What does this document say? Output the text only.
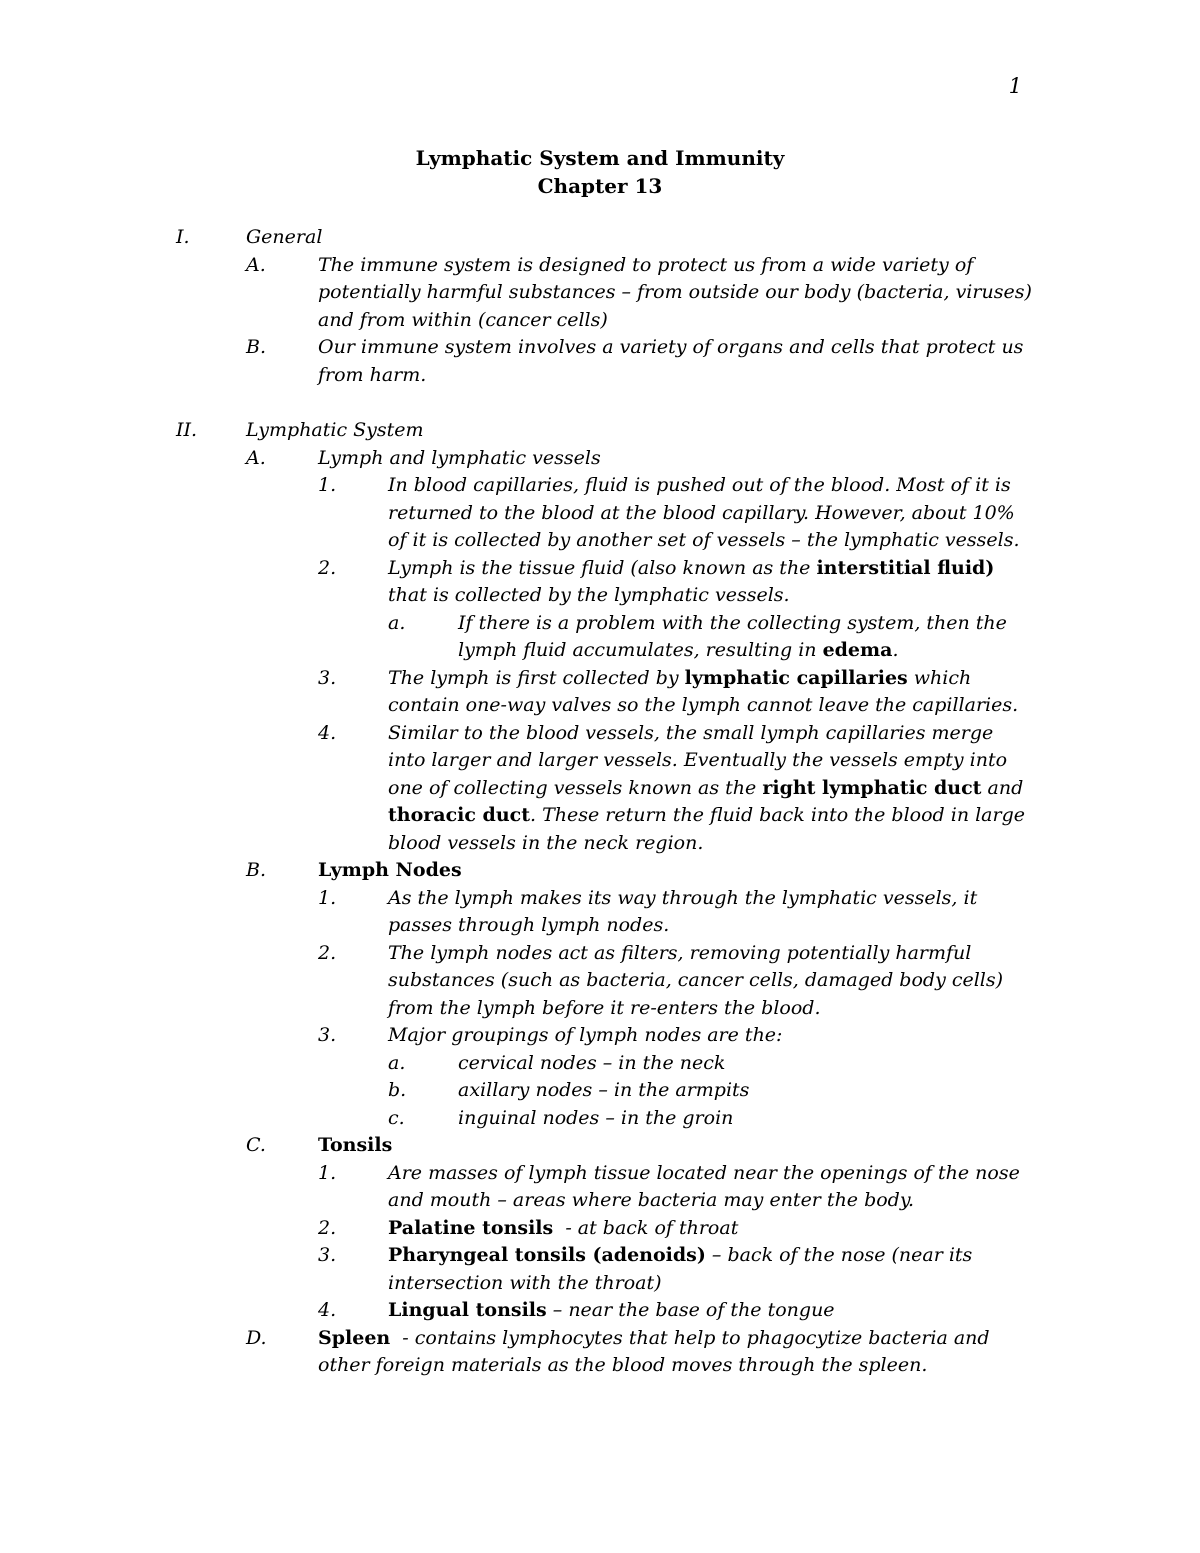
1
Lymphatic System and Immunity
Chapter 13
I.	General
A.	The immune system is designed to protect us from a wide variety of potentially harmful substances – from outside our body (bacteria, viruses) and from within (cancer cells)
B.	Our immune system involves a variety of organs and cells that protect us from harm.
II.	Lymphatic System
A.	Lymph and lymphatic vessels
1.	In blood capillaries, fluid is pushed out of the blood. Most of it is returned to the blood at the blood capillary. However, about 10% of it is collected by another set of vessels – the lymphatic vessels.
2.	Lymph is the tissue fluid (also known as the interstitial fluid) that is collected by the lymphatic vessels.
a.	If there is a problem with the collecting system, then the lymph fluid accumulates, resulting in edema.
3.	The lymph is first collected by lymphatic capillaries which contain one-way valves so the lymph cannot leave the capillaries.
4.	Similar to the blood vessels, the small lymph capillaries merge into larger and larger vessels. Eventually the vessels empty into one of collecting vessels known as the right lymphatic duct and thoracic duct. These return the fluid back into the blood in large blood vessels in the neck region.
B.	Lymph Nodes
1.	As the lymph makes its way through the lymphatic vessels, it passes through lymph nodes.
2.	The lymph nodes act as filters, removing potentially harmful substances (such as bacteria, cancer cells, damaged body cells) from the lymph before it re-enters the blood.
3.	Major groupings of lymph nodes are the:
a.	cervical nodes – in the neck
b.	axillary nodes – in the armpits
c.	inguinal nodes – in the groin
C.	Tonsils
1.	Are masses of lymph tissue located near the openings of the nose and mouth – areas where bacteria may enter the body.
2.	Palatine tonsils  - at back of throat
3.	Pharyngeal tonsils (adenoids) – back of the nose (near its intersection with the throat)
4.	Lingual tonsils – near the base of the tongue
D.	Spleen  - contains lymphocytes that help to phagocytize bacteria and other foreign materials as the blood moves through the spleen.
